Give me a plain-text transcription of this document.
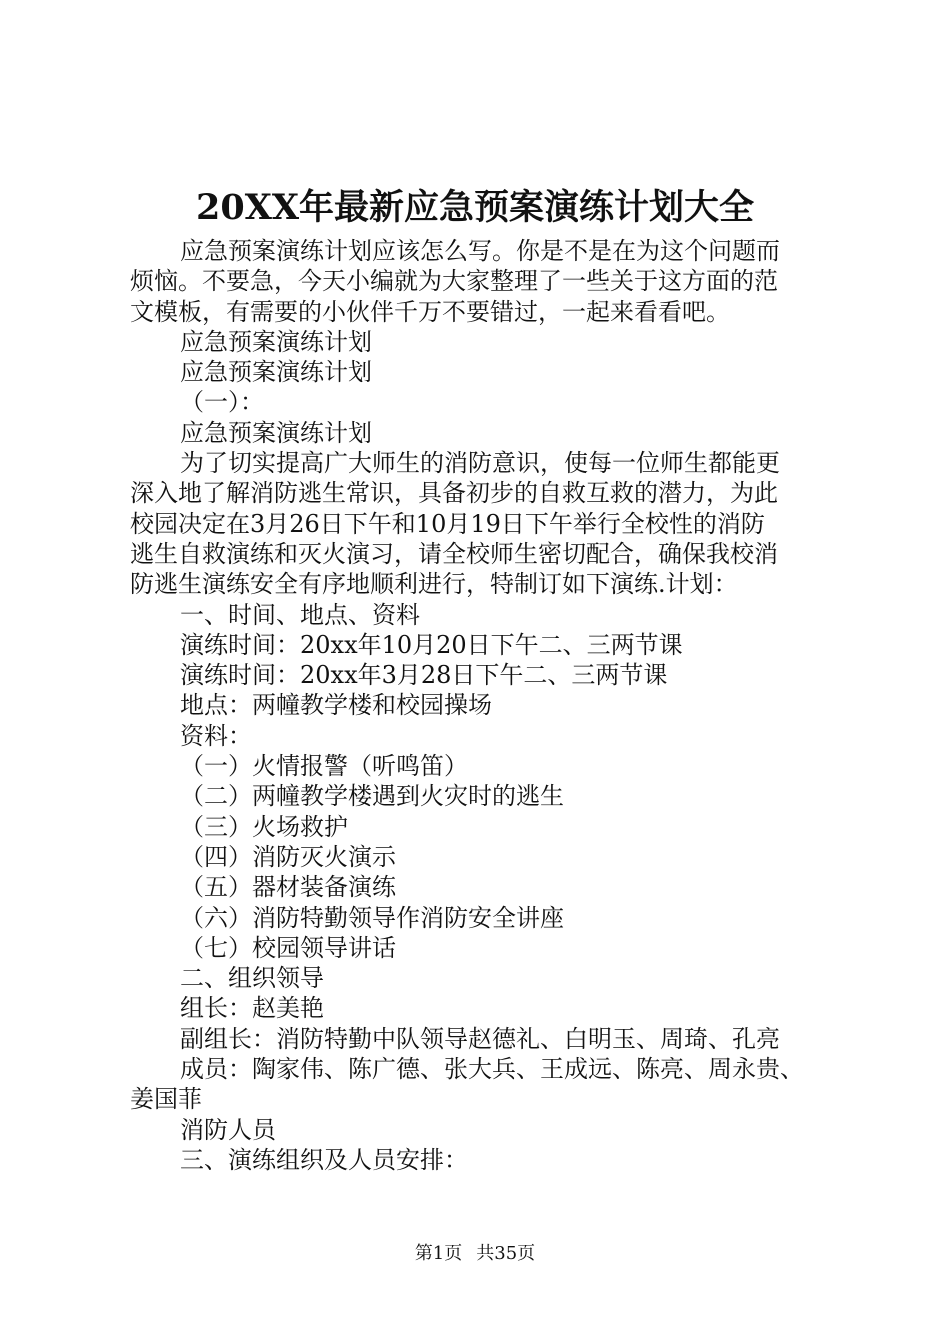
20XX年最新应急预案演练计划大全
应急预案演练计划应该怎么写。你是不是在为这个问题而
烦恼。不要急，今天小编就为大家整理了一些关于这方面的范
文模板，有需要的小伙伴千万不要错过，一起来看看吧。
应急预案演练计划
应急预案演练计划
（一）：
应急预案演练计划
为了切实提高广大师生的消防意识，使每一位师生都能更
深入地了解消防逃生常识，具备初步的自救互救的潜力，为此
校园决定在3月26日下午和10月19日下午举行全校性的消防
逃生自救演练和灭火演习，请全校师生密切配合，确保我校消
防逃生演练安全有序地顺利进行，特制订如下演练.计划：
一、时间、地点、资料
演练时间：20xx年10月20日下午二、三两节课
演练时间：20xx年3月28日下午二、三两节课
地点：两幢教学楼和校园操场
资料：
（一）火情报警（听鸣笛）
（二）两幢教学楼遇到火灾时的逃生
（三）火场救护
（四）消防灭火演示
（五）器材装备演练
（六）消防特勤领导作消防安全讲座
（七）校园领导讲话
二、组织领导
组长：赵美艳
副组长：消防特勤中队领导赵德礼、白明玉、周琦、孔亮
成员：陶家伟、陈广德、张大兵、王成远、陈亮、周永贵、
姜国菲
消防人员
三、演练组织及人员安排：
第1页 共35页
